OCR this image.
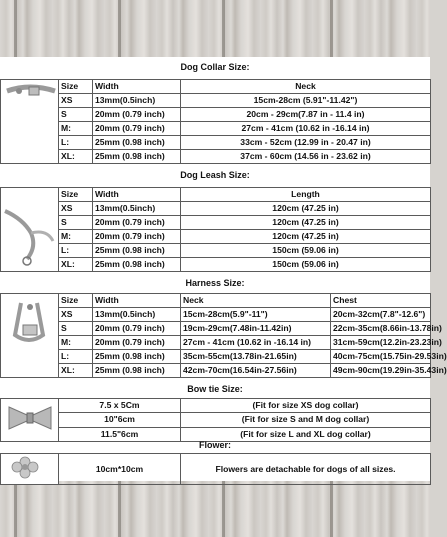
Dog Collar Size:
	Size	Width	Neck
	XS	13mm(0.5inch)	15cm-28cm (5.91"-11.42")
	S	20mm (0.79 inch)	20cm - 29cm(7.87 in - 11.4 in)
	M:	20mm (0.79 inch)	27cm - 41cm (10.62 in -16.14 in)
	L:	25mm (0.98 inch)	33cm - 52cm (12.99 in - 20.47 in)
	XL:	25mm (0.98 inch)	37cm - 60cm (14.56 in - 23.62 in)
Dog Leash Size:
	Size	Width	Length
	XS	13mm(0.5inch)	120cm (47.25 in)
	S	20mm (0.79 inch)	120cm (47.25 in)
	M:	20mm (0.79 inch)	120cm (47.25 in)
	L:	25mm (0.98 inch)	150cm (59.06 in)
	XL:	25mm (0.98 inch)	150cm (59.06 in)
Harness Size:
	Size	Width	Neck	Chest
	XS	13mm(0.5inch)	15cm-28cm(5.9"-11")	20cm-32cm(7.8"-12.6")
	S	20mm (0.79 inch)	19cm-29cm(7.48in-11.42in)	22cm-35cm(8.66in-13.78in)
	M:	20mm (0.79 inch)	27cm - 41cm (10.62 in -16.14 in)	31cm-59cm(12.2in-23.23in)
	L:	25mm (0.98 inch)	35cm-55cm(13.78in-21.65in)	40cm-75cm(15.75in-29.53in)
	XL:	25mm (0.98 inch)	42cm-70cm(16.54in-27.56in)	49cm-90cm(19.29in-35.43in)
Bow tie Size:
	7.5 x 5Cm	(Fit for size XS dog collar)
	10"6cm	(Fit for size S and M dog collar)
	11.5"6cm	(Fit for size L and XL dog collar)
Flower:
	10cm*10cm	Flowers are detachable for dogs of all sizes.
